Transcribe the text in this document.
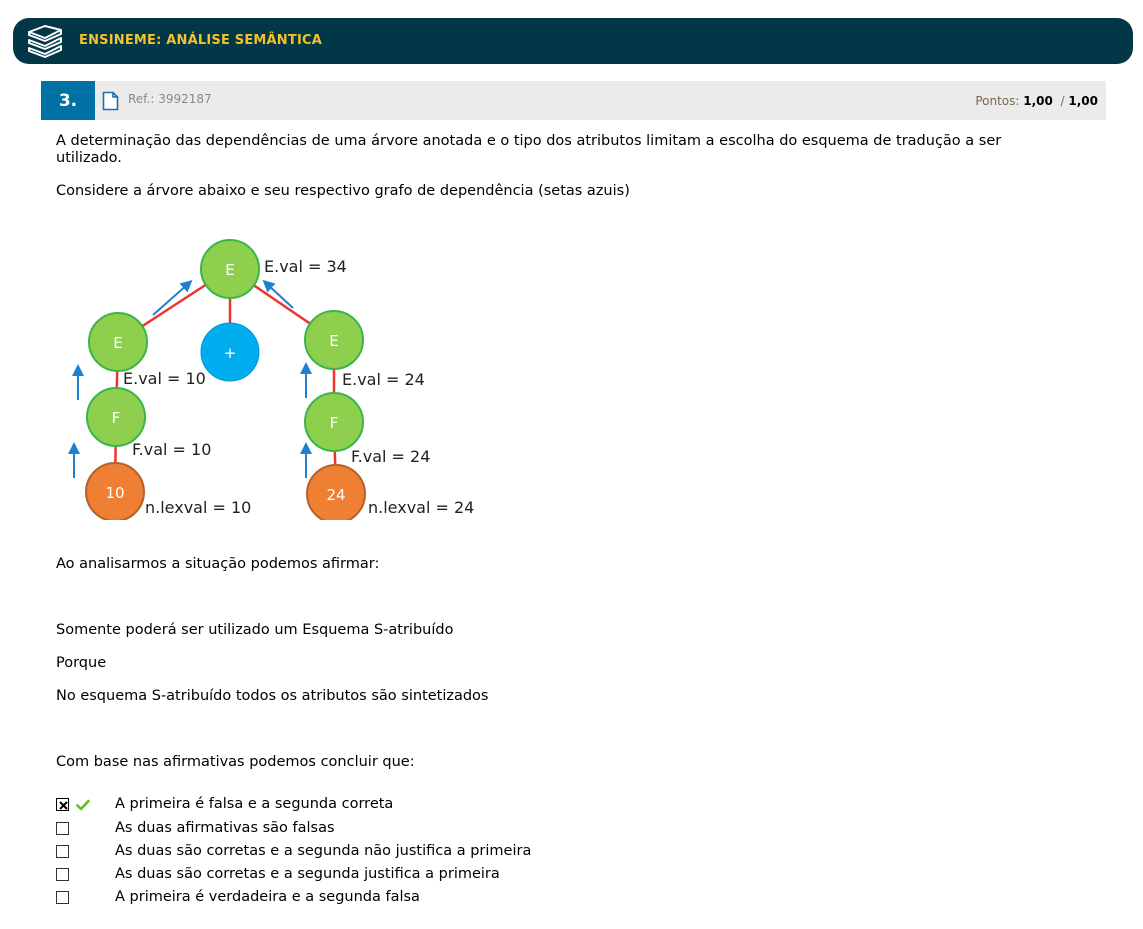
ENSINEME: ANÁLISE SEMÂNTICA
3.	Ref.: 3992187	Pontos: 1,00 / 1,00
A determinação das dependências de uma árvore anotada e o tipo dos atributos limitam a escolha do esquema de tradução a ser utilizado.
Considere a árvore abaixo e seu respectivo grafo de dependência (setas azuis)
E
E
+
E
F	F
10	24
E.val = 34
E.val = 10	E.val = 24
F.val = 10	F.val = 24
n.lexval = 10	n.lexval = 24
Ao analisarmos a situação podemos afirmar:
Somente poderá ser utilizado um Esquema S-atribuído
Porque
No esquema S-atribuído todos os atributos são sintetizados
Com base nas afirmativas podemos concluir que:
A primeira é falsa e a segunda correta
As duas afirmativas são falsas
As duas são corretas e a segunda não justifica a primeira
As duas são corretas e a segunda justifica a primeira
A primeira é verdadeira e a segunda falsa
